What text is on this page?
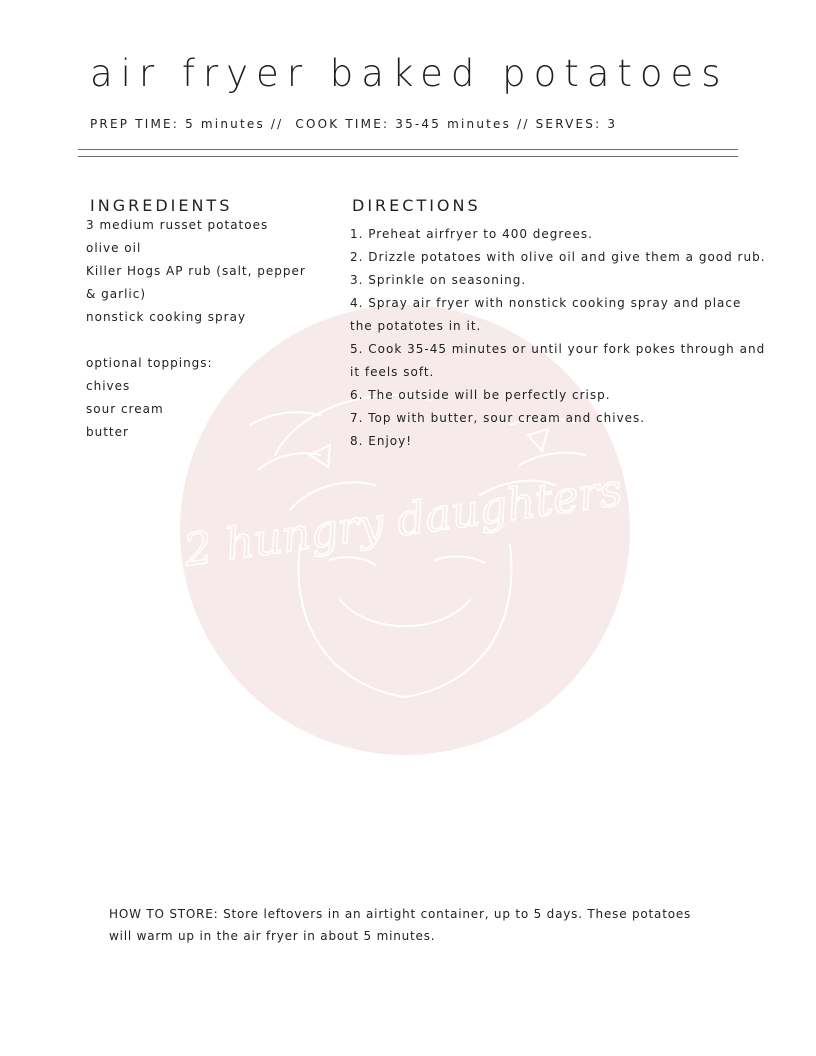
air fryer baked potatoes
PREP TIME: 5 minutes //  COOK TIME: 35-45 minutes // SERVES: 3
2 hungry daughters
INGREDIENTS
3 medium russet potatoes
olive oil
Killer Hogs AP rub (salt, pepper
& garlic)
nonstick cooking spray
optional toppings:
chives
sour cream
butter
DIRECTIONS
1. Preheat airfryer to 400 degrees.
2. Drizzle potatoes with olive oil and give them a good rub.
3. Sprinkle on seasoning.
4. Spray air fryer with nonstick cooking spray and place
the potatotes in it.
5. Cook 35-45 minutes or until your fork pokes through and
it feels soft.
6. The outside will be perfectly crisp.
7. Top with butter, sour cream and chives.
8. Enjoy!
HOW TO STORE: Store leftovers in an airtight container, up to 5 days. These potatoes will warm up in the air fryer in about 5 minutes.
